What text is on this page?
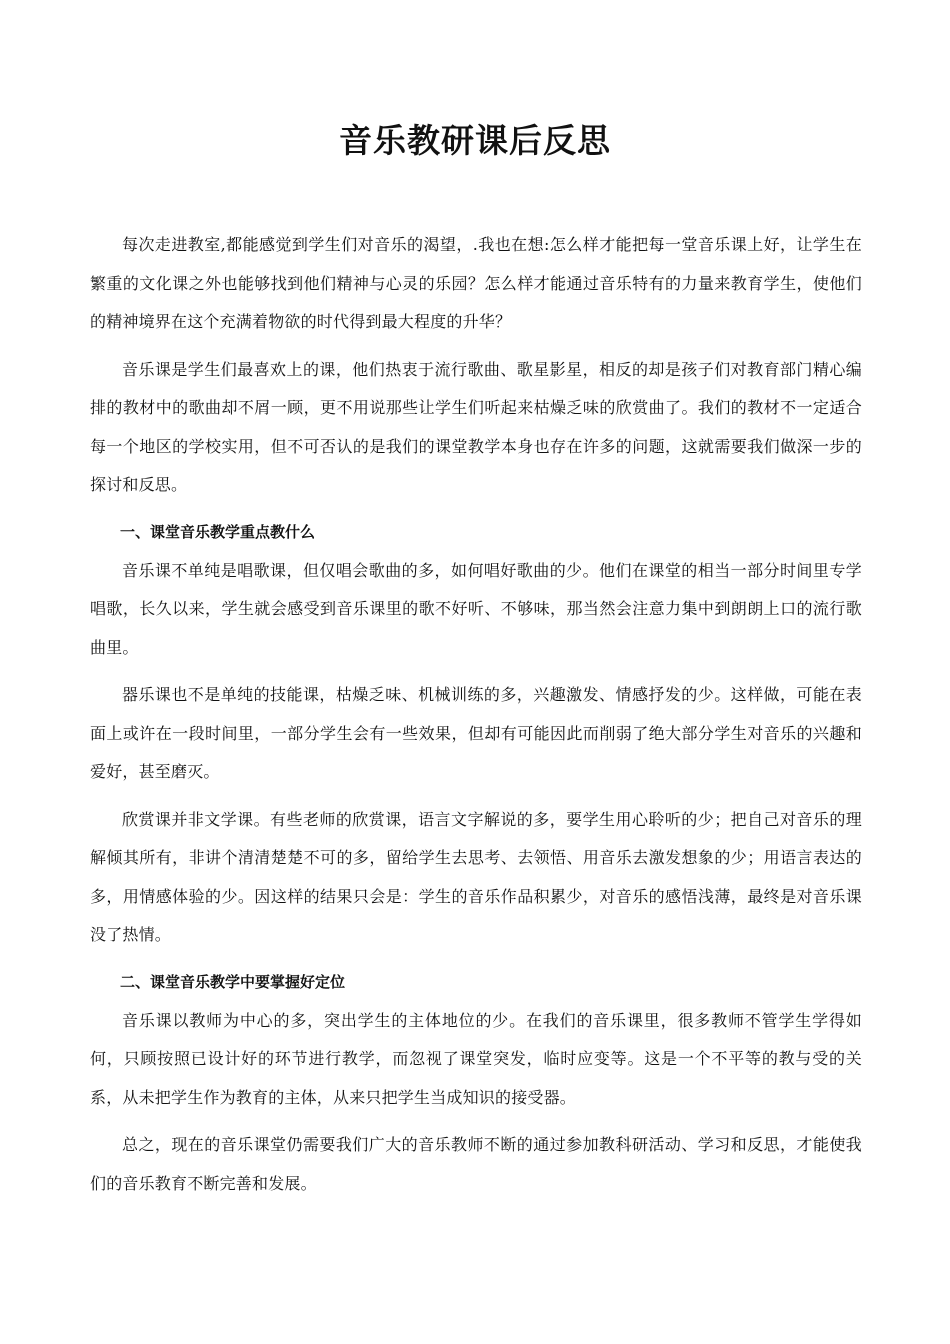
音乐教研课后反思

每次走进教室,都能感觉到学生们对音乐的渴望，.我也在想:怎么样才能把每一堂音乐课上好，让学生在繁重的文化课之外也能够找到他们精神与心灵的乐园？怎么样才能通过音乐特有的力量来教育学生，使他们的精神境界在这个充满着物欲的时代得到最大程度的升华？

音乐课是学生们最喜欢上的课，他们热衷于流行歌曲、歌星影星，相反的却是孩子们对教育部门精心编排的教材中的歌曲却不屑一顾，更不用说那些让学生们听起来枯燥乏味的欣赏曲了。我们的教材不一定适合每一个地区的学校实用，但不可否认的是我们的课堂教学本身也存在许多的问题，这就需要我们做深一步的探讨和反思。

一、课堂音乐教学重点教什么

音乐课不单纯是唱歌课，但仅唱会歌曲的多，如何唱好歌曲的少。他们在课堂的相当一部分时间里专学唱歌，长久以来，学生就会感受到音乐课里的歌不好听、不够味，那当然会注意力集中到朗朗上口的流行歌曲里。

器乐课也不是单纯的技能课，枯燥乏味、机械训练的多，兴趣激发、情感抒发的少。这样做，可能在表面上或许在一段时间里，一部分学生会有一些效果，但却有可能因此而削弱了绝大部分学生对音乐的兴趣和爱好，甚至磨灭。

欣赏课并非文学课。有些老师的欣赏课，语言文字解说的多，要学生用心聆听的少；把自己对音乐的理解倾其所有，非讲个清清楚楚不可的多，留给学生去思考、去领悟、用音乐去激发想象的少；用语言表达的多，用情感体验的少。因这样的结果只会是：学生的音乐作品积累少，对音乐的感悟浅薄，最终是对音乐课没了热情。

二、课堂音乐教学中要掌握好定位

音乐课以教师为中心的多，突出学生的主体地位的少。在我们的音乐课里，很多教师不管学生学得如何，只顾按照已设计好的环节进行教学，而忽视了课堂突发，临时应变等。这是一个不平等的教与受的关系，从未把学生作为教育的主体，从来只把学生当成知识的接受器。

总之，现在的音乐课堂仍需要我们广大的音乐教师不断的通过参加教科研活动、学习和反思，才能使我们的音乐教育不断完善和发展。
